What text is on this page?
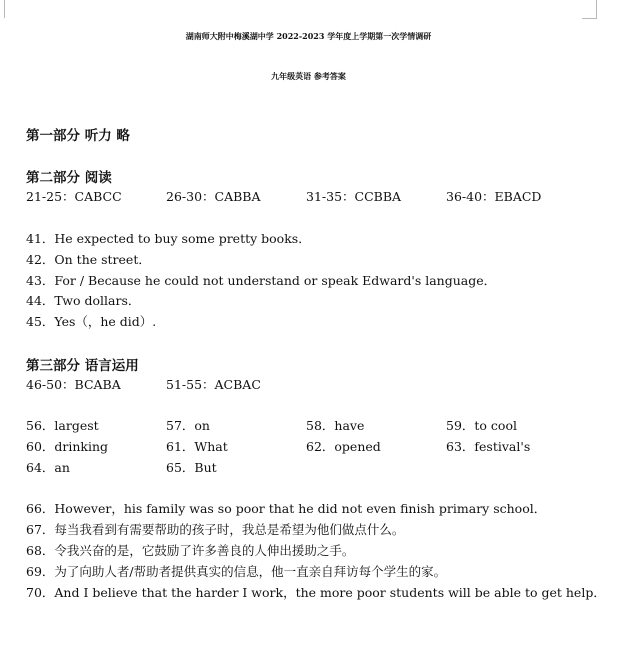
湖南师大附中梅溪湖中学 2022-2023 学年度上学期第一次学情调研
九年级英语 参考答案
第一部分 听力 略
第二部分 阅读
21-25：CABCC	26-30：CABBA	31-35：CCBBA	36-40：EBACD
41．He expected to buy some pretty books．
42．On the street．
43．For / Because he could not understand or speak Edward's language．
44．Two dollars．
45．Yes（，he did）.
第三部分 语言运用
46-50：BCABA	51-55：ACBAC
56．largest	57．on	58．have	59．to cool
60．drinking	61．What	62．opened	63．festival's
64．an	65．But
66．However，his family was so poor that he did not even finish primary school．
67．每当我看到有需要帮助的孩子时，我总是希望为他们做点什么。
68．令我兴奋的是，它鼓励了许多善良的人伸出援助之手。
69．为了向助人者/帮助者提供真实的信息，他一直亲自拜访每个学生的家。
70．And I believe that the harder I work，the more poor students will be able to get help．
